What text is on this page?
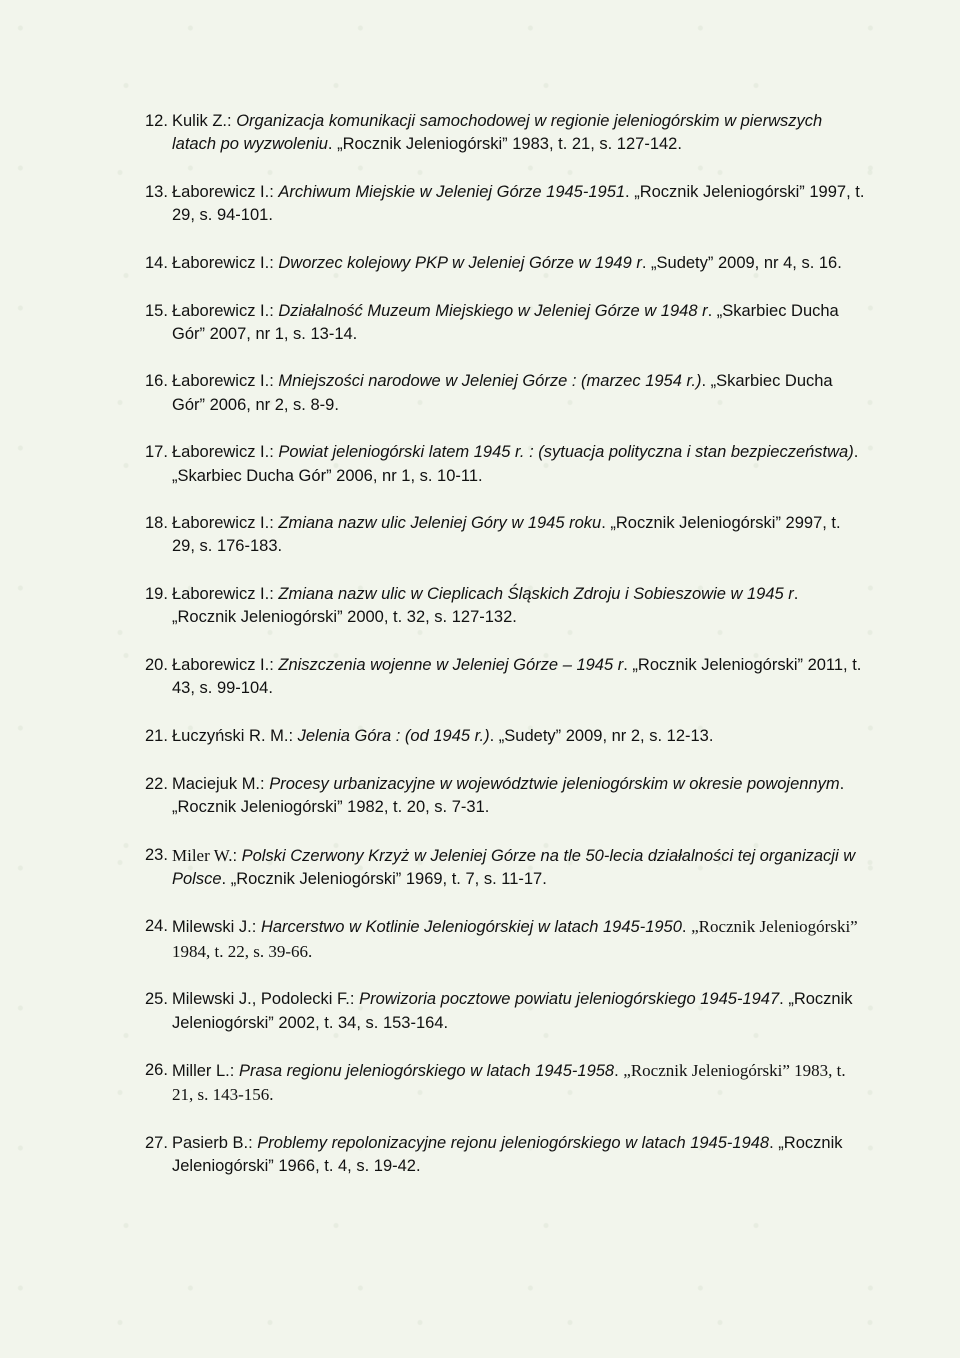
12. Kulik Z.: Organizacja komunikacji samochodowej w regionie jeleniogórskim w pierwszych latach po wyzwoleniu. „Rocznik Jeleniogórski” 1983, t. 21, s. 127-142.
13. Łaborewicz I.: Archiwum Miejskie w Jeleniej Górze 1945-1951. „Rocznik Jeleniogórski” 1997, t. 29, s. 94-101.
14. Łaborewicz I.: Dworzec kolejowy PKP w Jeleniej Górze w 1949 r. „Sudety” 2009, nr 4, s. 16.
15. Łaborewicz I.: Działalność Muzeum Miejskiego w Jeleniej Górze w 1948 r. „Skarbiec Ducha Gór” 2007, nr 1, s. 13-14.
16. Łaborewicz I.: Mniejszości narodowe w Jeleniej Górze : (marzec 1954 r.). „Skarbiec Ducha Gór” 2006, nr 2, s. 8-9.
17. Łaborewicz I.: Powiat jeleniogórski latem 1945 r. : (sytuacja polityczna i stan bezpieczeństwa). „Skarbiec Ducha Gór” 2006, nr 1, s. 10-11.
18. Łaborewicz I.: Zmiana nazw ulic Jeleniej Góry w 1945 roku. „Rocznik Jeleniogórski” 2997, t. 29, s. 176-183.
19. Łaborewicz I.: Zmiana nazw ulic w Cieplicach Śląskich Zdroju i Sobieszowie w 1945 r. „Rocznik Jeleniogórski” 2000, t. 32, s. 127-132.
20. Łaborewicz I.: Zniszczenia wojenne w Jeleniej Górze – 1945 r. „Rocznik Jeleniogórski” 2011, t. 43, s. 99-104.
21. Łuczyński R. M.: Jelenia Góra : (od 1945 r.). „Sudety” 2009, nr 2, s. 12-13.
22. Maciejuk M.: Procesy urbanizacyjne w województwie jeleniogórskim w okresie powojennym. „Rocznik Jeleniogórski” 1982, t. 20, s. 7-31.
23. Miler W.: Polski Czerwony Krzyż w Jeleniej Górze na tle 50-lecia działalności tej organizacji w Polsce. „Rocznik Jeleniogórski” 1969, t. 7, s. 11-17.
24. Milewski J.: Harcerstwo w Kotlinie Jeleniogórskiej w latach 1945-1950. „Rocznik Jeleniogórski” 1984, t. 22, s. 39-66.
25. Milewski J., Podolecki F.: Prowizoria pocztowe powiatu jeleniogórskiego 1945-1947. „Rocznik Jeleniogórski” 2002, t. 34, s. 153-164.
26. Miller L.: Prasa regionu jeleniogórskiego w latach 1945-1958. „Rocznik Jeleniogórski” 1983, t. 21, s. 143-156.
27. Pasierb B.: Problemy repolonizacyjne rejonu jeleniogórskiego w latach 1945-1948. „Rocznik Jeleniogórski” 1966, t. 4, s. 19-42.
